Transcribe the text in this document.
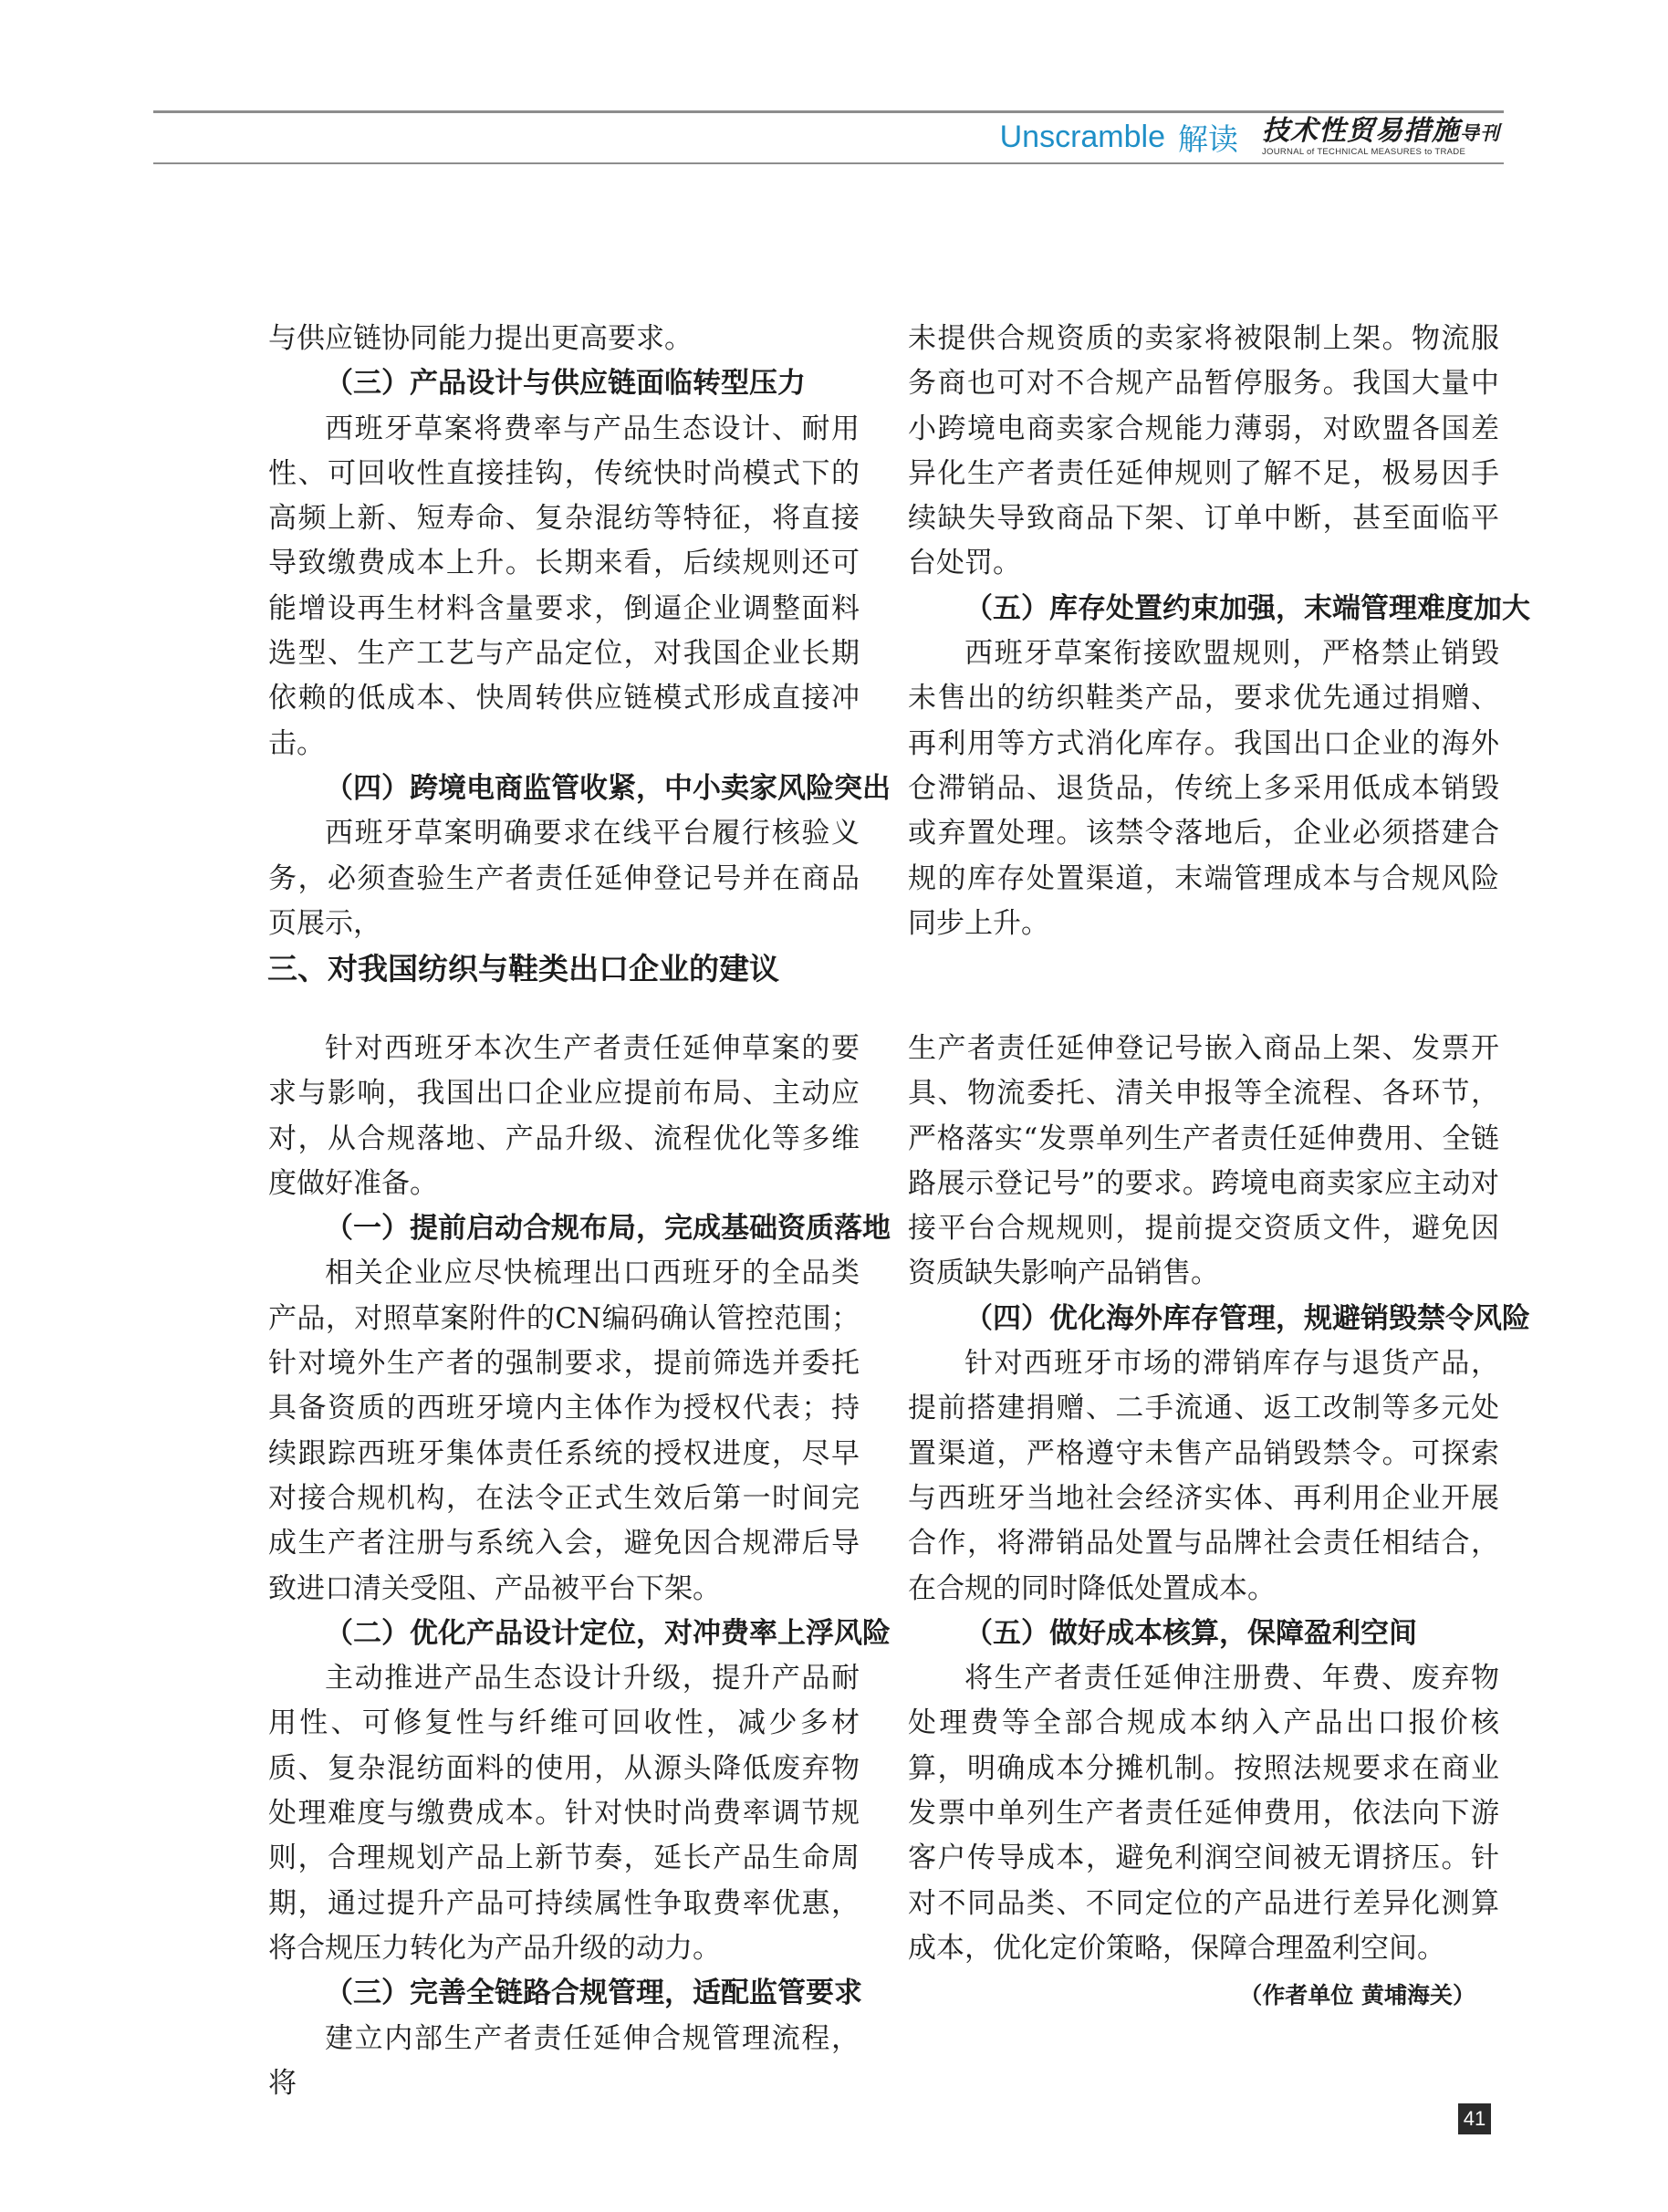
Unscramble 解读 技术性贸易措施导刊
JOURNAL of TECHNICAL MEASURES to TRADE

与供应链协同能力提出更高要求。

（三）产品设计与供应链面临转型压力

西班牙草案将费率与产品生态设计、耐用性、可回收性直接挂钩，传统快时尚模式下的高频上新、短寿命、复杂混纺等特征，将直接导致缴费成本上升。长期来看，后续规则还可能增设再生材料含量要求，倒逼企业调整面料选型、生产工艺与产品定位，对我国企业长期依赖的低成本、快周转供应链模式形成直接冲击。

（四）跨境电商监管收紧，中小卖家风险突出

西班牙草案明确要求在线平台履行核验义务，必须查验生产者责任延伸登记号并在商品页展示，

未提供合规资质的卖家将被限制上架。物流服务商也可对不合规产品暂停服务。我国大量中小跨境电商卖家合规能力薄弱，对欧盟各国差异化生产者责任延伸规则了解不足，极易因手续缺失导致商品下架、订单中断，甚至面临平台处罚。

（五）库存处置约束加强，末端管理难度加大

西班牙草案衔接欧盟规则，严格禁止销毁未售出的纺织鞋类产品，要求优先通过捐赠、再利用等方式消化库存。我国出口企业的海外仓滞销品、退货品，传统上多采用低成本销毁或弃置处理。该禁令落地后，企业必须搭建合规的库存处置渠道，末端管理成本与合规风险同步上升。

三、对我国纺织与鞋类出口企业的建议

针对西班牙本次生产者责任延伸草案的要求与影响，我国出口企业应提前布局、主动应对，从合规落地、产品升级、流程优化等多维度做好准备。

（一）提前启动合规布局，完成基础资质落地

相关企业应尽快梳理出口西班牙的全品类产品，对照草案附件的CN编码确认管控范围；针对境外生产者的强制要求，提前筛选并委托具备资质的西班牙境内主体作为授权代表；持续跟踪西班牙集体责任系统的授权进度，尽早对接合规机构，在法令正式生效后第一时间完成生产者注册与系统入会，避免因合规滞后导致进口清关受阻、产品被平台下架。

（二）优化产品设计定位，对冲费率上浮风险

主动推进产品生态设计升级，提升产品耐用性、可修复性与纤维可回收性，减少多材质、复杂混纺面料的使用，从源头降低废弃物处理难度与缴费成本。针对快时尚费率调节规则，合理规划产品上新节奏，延长产品生命周期，通过提升产品可持续属性争取费率优惠，将合规压力转化为产品升级的动力。

（三）完善全链路合规管理，适配监管要求

建立内部生产者责任延伸合规管理流程，将

生产者责任延伸登记号嵌入商品上架、发票开具、物流委托、清关申报等全流程、各环节，严格落实“发票单列生产者责任延伸费用、全链路展示登记号”的要求。跨境电商卖家应主动对接平台合规规则，提前提交资质文件，避免因资质缺失影响产品销售。

（四）优化海外库存管理，规避销毁禁令风险

针对西班牙市场的滞销库存与退货产品，提前搭建捐赠、二手流通、返工改制等多元处置渠道，严格遵守未售产品销毁禁令。可探索与西班牙当地社会经济实体、再利用企业开展合作，将滞销品处置与品牌社会责任相结合，在合规的同时降低处置成本。

（五）做好成本核算，保障盈利空间

将生产者责任延伸注册费、年费、废弃物处理费等全部合规成本纳入产品出口报价核算，明确成本分摊机制。按照法规要求在商业发票中单列生产者责任延伸费用，依法向下游客户传导成本，避免利润空间被无谓挤压。针对不同品类、不同定位的产品进行差异化测算成本，优化定价策略，保障合理盈利空间。

（作者单位 黄埔海关）

41
